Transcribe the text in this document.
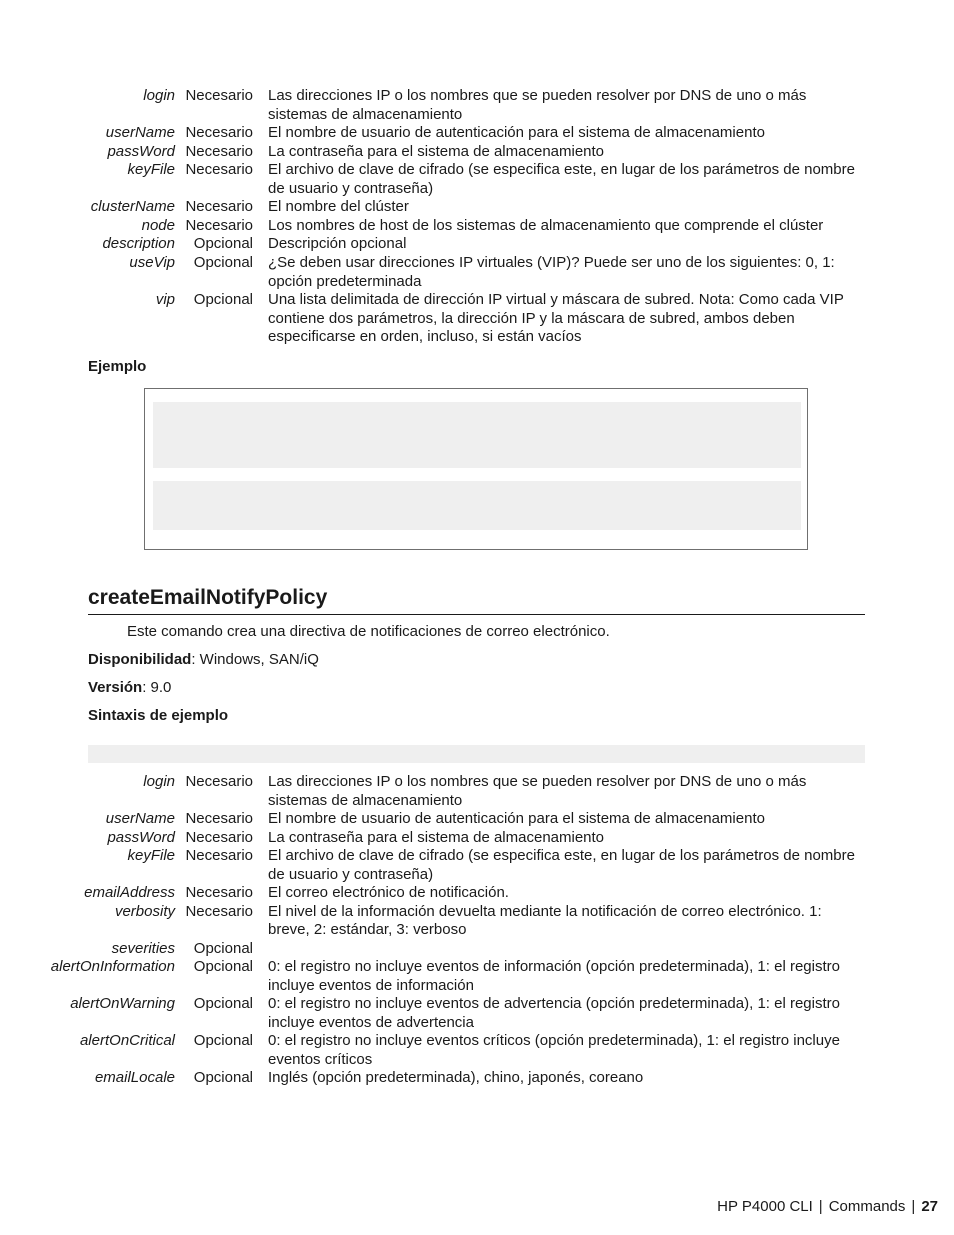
login Necesario Las direcciones IP o los nombres que se pueden resolver por DNS de uno o más sistemas de almacenamiento
userName Necesario El nombre de usuario de autenticación para el sistema de almacenamiento
passWord Necesario La contraseña para el sistema de almacenamiento
keyFile Necesario El archivo de clave de cifrado (se especifica este, en lugar de los parámetros de nombre de usuario y contraseña)
clusterName Necesario El nombre del clúster
node Necesario Los nombres de host de los sistemas de almacenamiento que comprende el clúster
description	Opcional Descripción opcional
useVip	Opcional ¿Se deben usar direcciones IP virtuales (VIP)? Puede ser uno de los siguientes: 0, 1: opción predeterminada
vip	Opcional Una lista delimitada de dirección IP virtual y máscara de subred. Nota: Como cada VIP contiene dos parámetros, la dirección IP y la máscara de subred, ambos deben especificarse en orden, incluso, si están vacíos
Ejemplo
createEmailNotifyPolicy
Este comando crea una directiva de notificaciones de correo electrónico.
Disponibilidad: Windows, SAN/iQ
Versión: 9.0
Sintaxis de ejemplo
login Necesario Las direcciones IP o los nombres que se pueden resolver por DNS de uno o más sistemas de almacenamiento
userName Necesario El nombre de usuario de autenticación para el sistema de almacenamiento
passWord Necesario La contraseña para el sistema de almacenamiento
keyFile Necesario El archivo de clave de cifrado (se especifica este, en lugar de los parámetros de nombre de usuario y contraseña)
emailAddress Necesario El correo electrónico de notificación.
verbosity Necesario El nivel de la información devuelta mediante la notificación de correo electrónico. 1: breve, 2: estándar, 3: verboso
severities	Opcional
alertOnInformation	Opcional 0: el registro no incluye eventos de información (opción predeterminada), 1: el registro incluye eventos de información
alertOnWarning	Opcional 0: el registro no incluye eventos de advertencia (opción predeterminada), 1: el registro incluye eventos de advertencia
alertOnCritical	Opcional 0: el registro no incluye eventos críticos (opción predeterminada), 1: el registro incluye eventos críticos
emailLocale	Opcional Inglés (opción predeterminada), chino, japonés, coreano
HP P4000 CLI | Commands | 27
